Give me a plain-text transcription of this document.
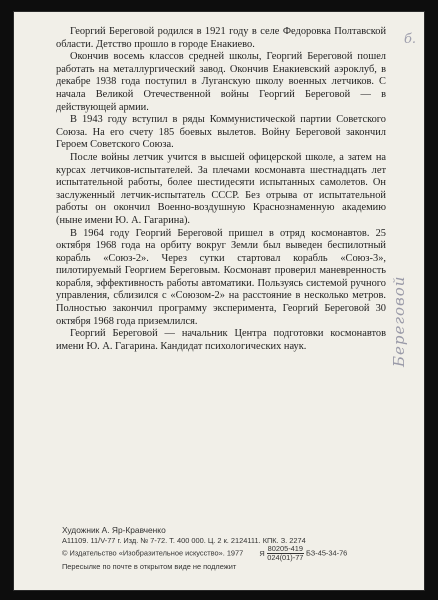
Георгий Береговой родился в 1921 году в селе Федоровка Полтавской области. Детство прошло в городе Енакиево.

Окончив восемь классов средней школы, Георгий Береговой пошел работать на металлургический завод. Окончив Енакиевский аэроклуб, в декабре 1938 года поступил в Луганскую школу военных летчиков. С начала Великой Отечественной войны Георгий Береговой — в действующей армии.

В 1943 году вступил в ряды Коммунистической партии Советского Союза. На его счету 185 боевых вылетов. Войну Береговой закончил Героем Советского Союза.

После войны летчик учится в высшей офицерской школе, а затем на курсах летчиков-испытателей. За плечами космонавта шестнадцать лет испытательной работы, более шестидесяти испытанных самолетов. Он заслуженный летчик-испытатель СССР. Без отрыва от испытательной работы он окончил Военно-воздушную Краснознаменную академию (ныне имени Ю. А. Гагарина).

В 1964 году Георгий Береговой пришел в отряд космонавтов. 25 октября 1968 года на орбиту вокруг Земли был выведен беспилотный корабль «Союз-2». Через сутки стартовал корабль «Союз-3», пилотируемый Георгием Береговым. Космонавт проверил маневренность корабля, эффективность работы автоматики. Пользуясь системой ручного управления, сблизился с «Союзом-2» на расстояние в несколько метров. Полностью закончил программу эксперимента, Георгий Береговой 30 октября 1968 года приземлился.

Георгий Береговой — начальник Центра подготовки космонавтов имени Ю. А. Гагарина. Кандидат психологических наук.

б.
Береговой
Художник А. Яр-Кравченко
А11109. 11/V-77 г. Изд. № 7-72. Т. 400 000. Ц. 2 к. 2124111. КПК. З. 2274
© Издательство «Изобразительное искусство». 1977 Я $\frac{80205-419}{024(01)-77} БЗ-45-34-76$
Пересылке по почте в открытом виде не подлежит
